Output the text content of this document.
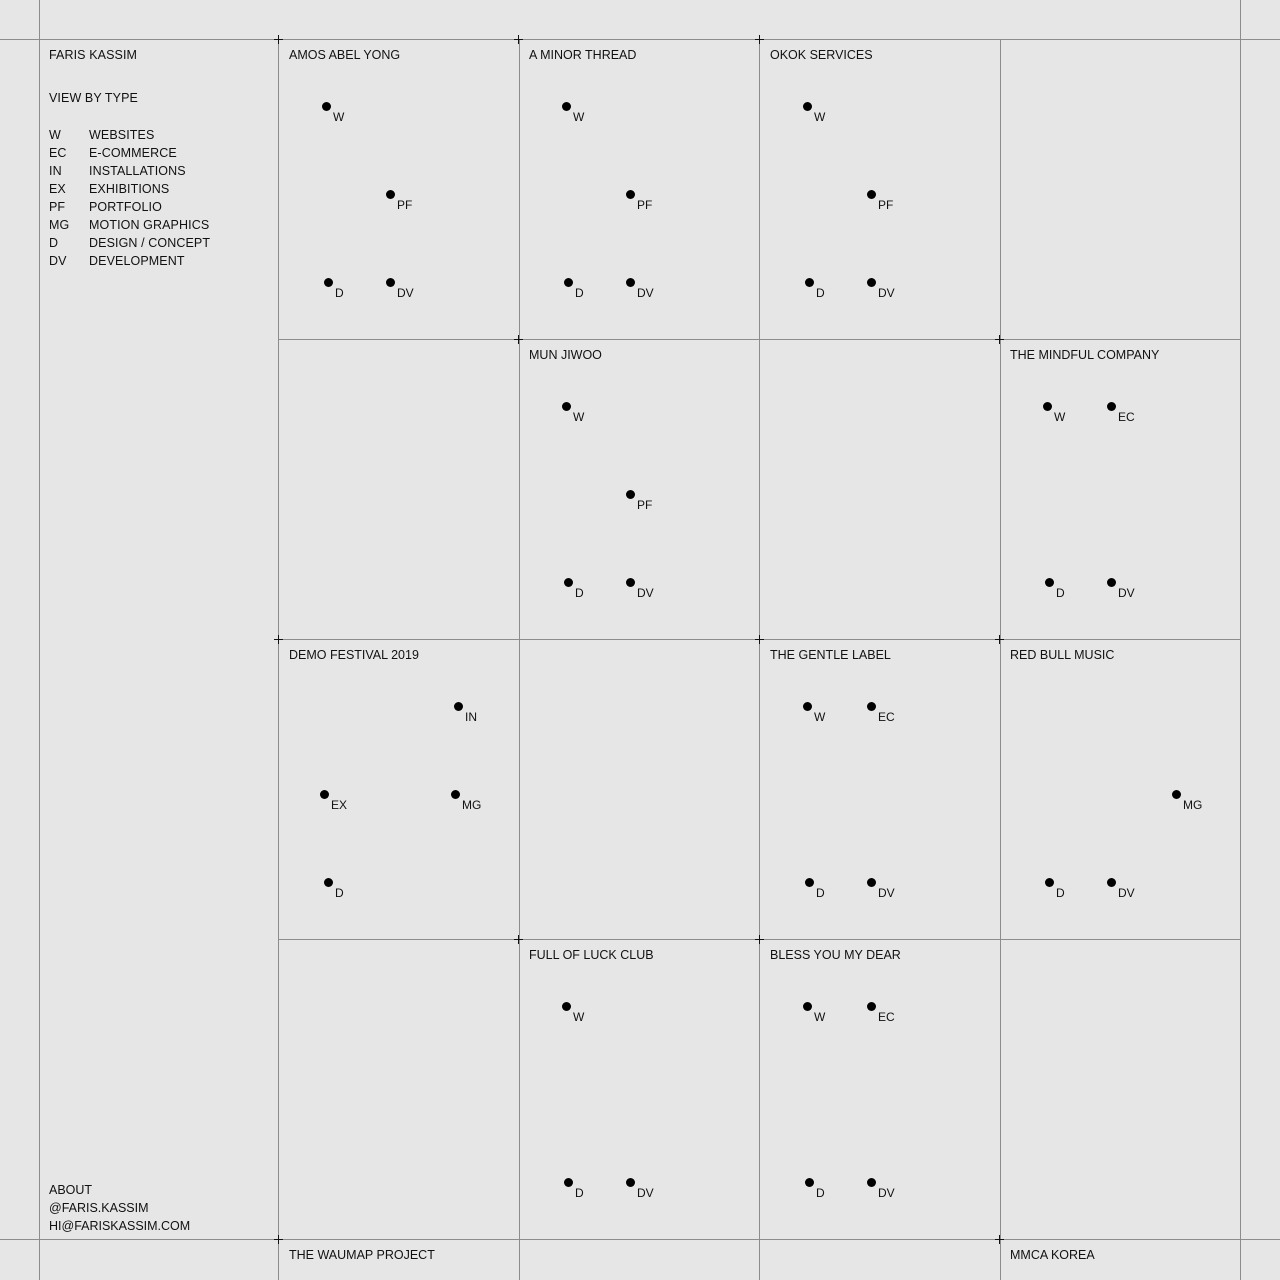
FARIS KASSIM
VIEW BY TYPE
W	WEBSITES
EC	E-COMMERCE
IN	INSTALLATIONS
EX	EXHIBITIONS
PF	PORTFOLIO
MG	MOTION GRAPHICS
D	DESIGN / CONCEPT
DV	DEVELOPMENT
ABOUT
@FARIS.KASSIM
HI@FARISKASSIM.COM
AMOS ABEL YONG
W
PF
D	DV
A MINOR THREAD
W
PF
D	DV
OKOK SERVICES
W
PF
D	DV
MUN JIWOO
W
PF
D	DV
THE MINDFUL COMPANY
W	EC
D	DV
DEMO FESTIVAL 2019
IN
EX	MG
D
THE GENTLE LABEL
W	EC
D	DV
RED BULL MUSIC
MG
D	DV
FULL OF LUCK CLUB
W
D	DV
BLESS YOU MY DEAR
W	EC
D	DV
THE WAUMAP PROJECT	MMCA KOREA
